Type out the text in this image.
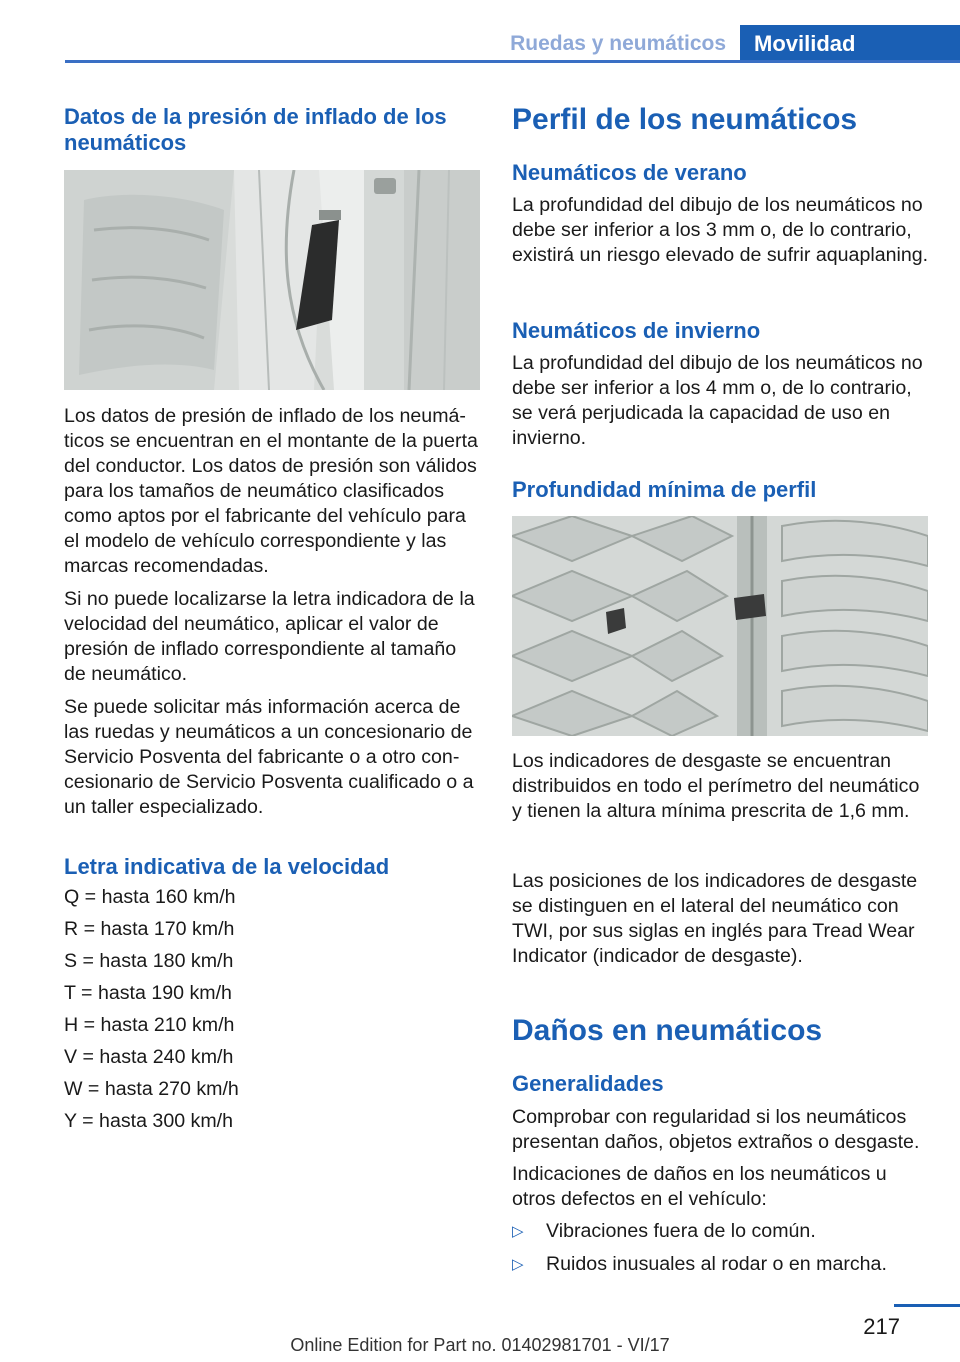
Ruedas y neumáticos	Movilidad
Datos de la presión de inflado de los neumáticos

Los datos de presión de inflado de los neumáticos se encuentran en el montante de la puerta del conductor. Los datos de presión son válidos para los tamaños de neumático clasificados como aptos por el fabricante del vehículo para el modelo de vehículo correspondiente y las marcas recomendadas.

Si no puede localizarse la letra indicadora de la velocidad del neumático, aplicar el valor de presión de inflado correspondiente al tamaño de neumático.

Se puede solicitar más información acerca de las ruedas y neumáticos a un concesionario de Servicio Posventa del fabricante o a otro concesionario de Servicio Posventa cualificado o a un taller especializado.

Letra indicativa de la velocidad

Q = hasta 160 km/h

R = hasta 170 km/h

S = hasta 180 km/h

T = hasta 190 km/h

H = hasta 210 km/h

V = hasta 240 km/h

W = hasta 270 km/h

Y = hasta 300 km/h

Perfil de los neumáticos
Neumáticos de verano

La profundidad del dibujo de los neumáticos no debe ser inferior a los 3 mm o, de lo contrario, existirá un riesgo elevado de sufrir aquaplaning.

Neumáticos de invierno

La profundidad del dibujo de los neumáticos no debe ser inferior a los 4 mm o, de lo contrario, se verá perjudicada la capacidad de uso en invierno.

Profundidad mínima de perfil

Los indicadores de desgaste se encuentran distribuidos en todo el perímetro del neumático y tienen la altura mínima prescrita de 1,6 mm.

Las posiciones de los indicadores de desgaste se distinguen en el lateral del neumático con TWI, por sus siglas en inglés para Tread Wear Indicator (indicador de desgaste).

Daños en neumáticos
Generalidades

Comprobar con regularidad si los neumáticos presentan daños, objetos extraños o desgaste.

Indicaciones de daños en los neumáticos u otros defectos en el vehículo:

▷ Vibraciones fuera de lo común.
▷ Ruidos inusuales al rodar o en marcha.
217
Online Edition for Part no. 01402981701 - VI/17
